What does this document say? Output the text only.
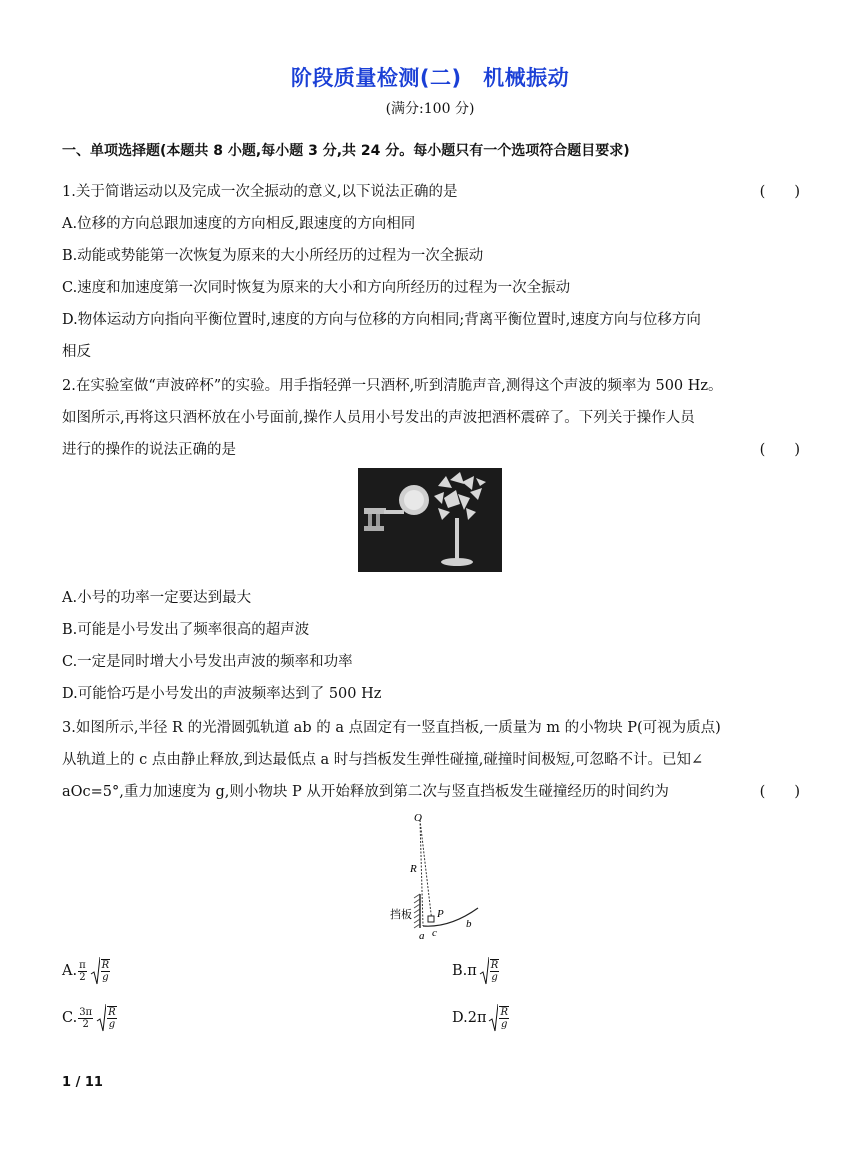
阶段质量检测(二)　机械振动
(满分:100 分)
一、单项选择题(本题共 8 小题,每小题 3 分,共 24 分。每小题只有一个选项符合题目要求)
1.关于简谐运动以及完成一次全振动的意义,以下说法正确的是	(　　)
A.位移的方向总跟加速度的方向相反,跟速度的方向相同
B.动能或势能第一次恢复为原来的大小所经历的过程为一次全振动
C.速度和加速度第一次同时恢复为原来的大小和方向所经历的过程为一次全振动
D.物体运动方向指向平衡位置时,速度的方向与位移的方向相同;背离平衡位置时,速度方向与位移方向
相反
2.在实验室做“声波碎杯”的实验。用手指轻弹一只酒杯,听到清脆声音,测得这个声波的频率为 500 Hz。
如图所示,再将这只酒杯放在小号面前,操作人员用小号发出的声波把酒杯震碎了。下列关于操作人员
进行的操作的说法正确的是	(　　)
A.小号的功率一定要达到最大
B.可能是小号发出了频率很高的超声波
C.一定是同时增大小号发出声波的频率和功率
D.可能恰巧是小号发出的声波频率达到了 500 Hz
3.如图所示,半径 R 的光滑圆弧轨道 ab 的 a 点固定有一竖直挡板,一质量为 m 的小物块 P(可视为质点)
从轨道上的 c 点由静止释放,到达最低点 a 时与挡板发生弹性碰撞,碰撞时间极短,可忽略不计。已知∠
aOc=5°,重力加速度为 g,则小物块 P 从开始释放到第二次与竖直挡板发生碰撞经历的时间约为	(　　)
O
R
P
挡板
a c
b
A. $\frac{\pi}{2} \frac{R}{g}$	$B.\pi \frac{R}{g}$
C. $\frac{3\pi}{2} \frac{R}{g}$	$D.2\pi \frac{R}{g}$
1 / 11
